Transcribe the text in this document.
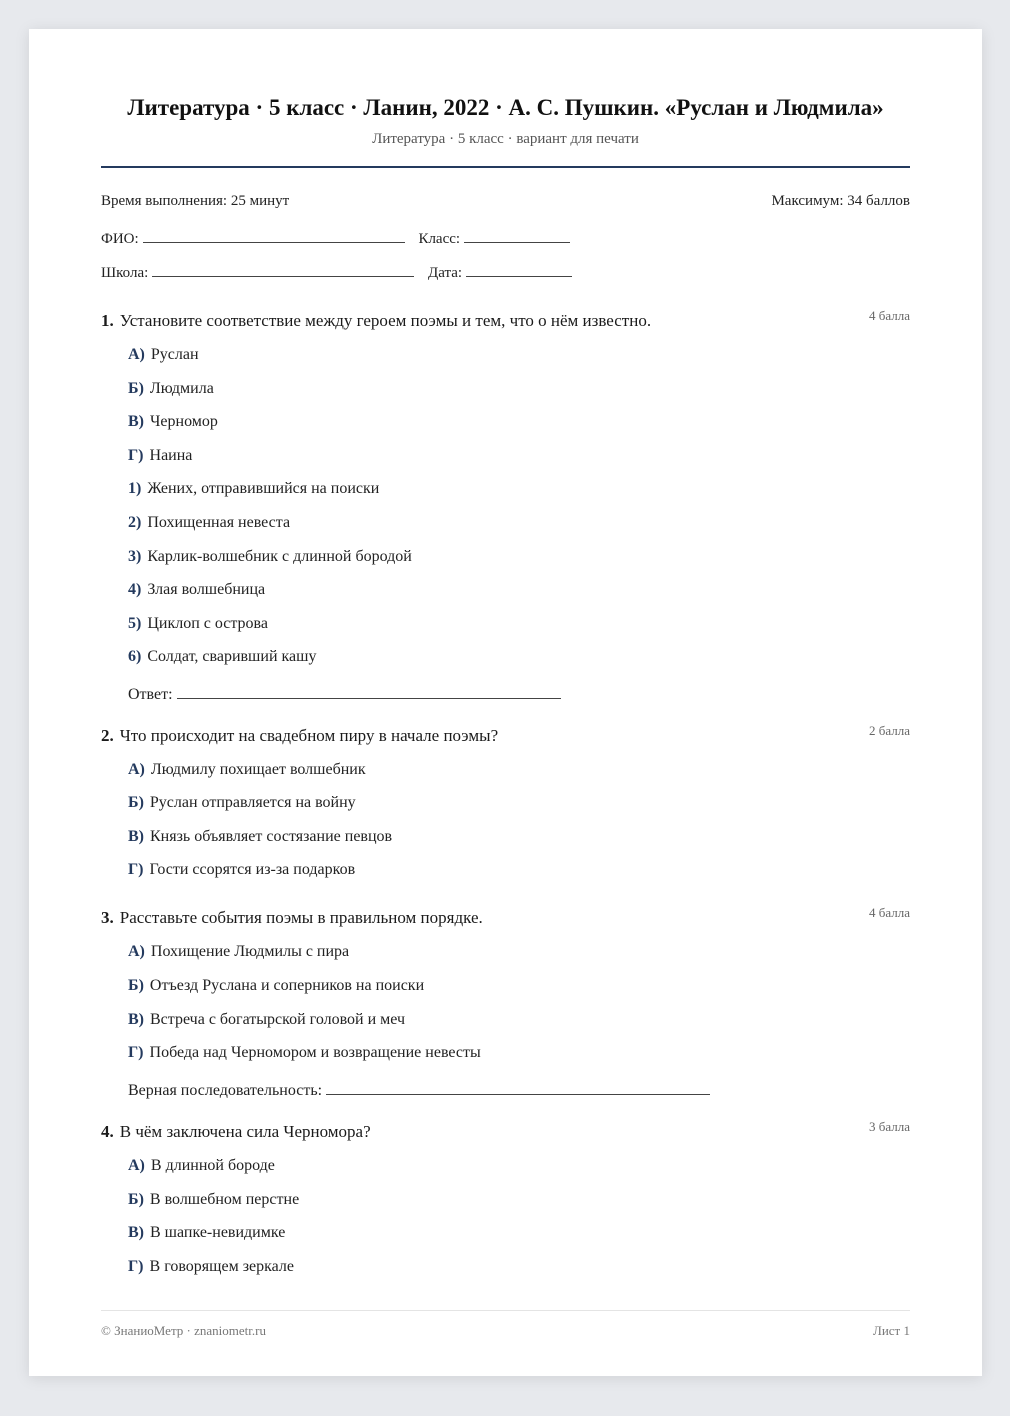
Литература · 5 класс · Ланин, 2022 · А. С. Пушкин. «Руслан и Людмила»
Литература · 5 класс · вариант для печати
Время выполнения: 25 минут	Максимум: 34 баллов
ФИО:	Класс:
Школа:	Дата:
1. Установите соответствие между героем поэмы и тем, что о нём известно.	4 балла
А) Руслан
Б) Людмила
В) Черномор
Г) Наина
1) Жених, отправившийся на поиски
2) Похищенная невеста
3) Карлик-волшебник с длинной бородой
4) Злая волшебница
5) Циклоп с острова
6) Солдат, сваривший кашу
Ответ:
2. Что происходит на свадебном пиру в начале поэмы?	2 балла
А) Людмилу похищает волшебник
Б) Руслан отправляется на войну
В) Князь объявляет состязание певцов
Г) Гости ссорятся из-за подарков
3. Расставьте события поэмы в правильном порядке.	4 балла
А) Похищение Людмилы с пира
Б) Отъезд Руслана и соперников на поиски
В) Встреча с богатырской головой и меч
Г) Победа над Черномором и возвращение невесты
Верная последовательность:
4. В чём заключена сила Черномора?	3 балла
А) В длинной бороде
Б) В волшебном перстне
В) В шапке-невидимке
Г) В говорящем зеркале
© ЗнаниоМетр · znaniometr.ru	Лист 1
